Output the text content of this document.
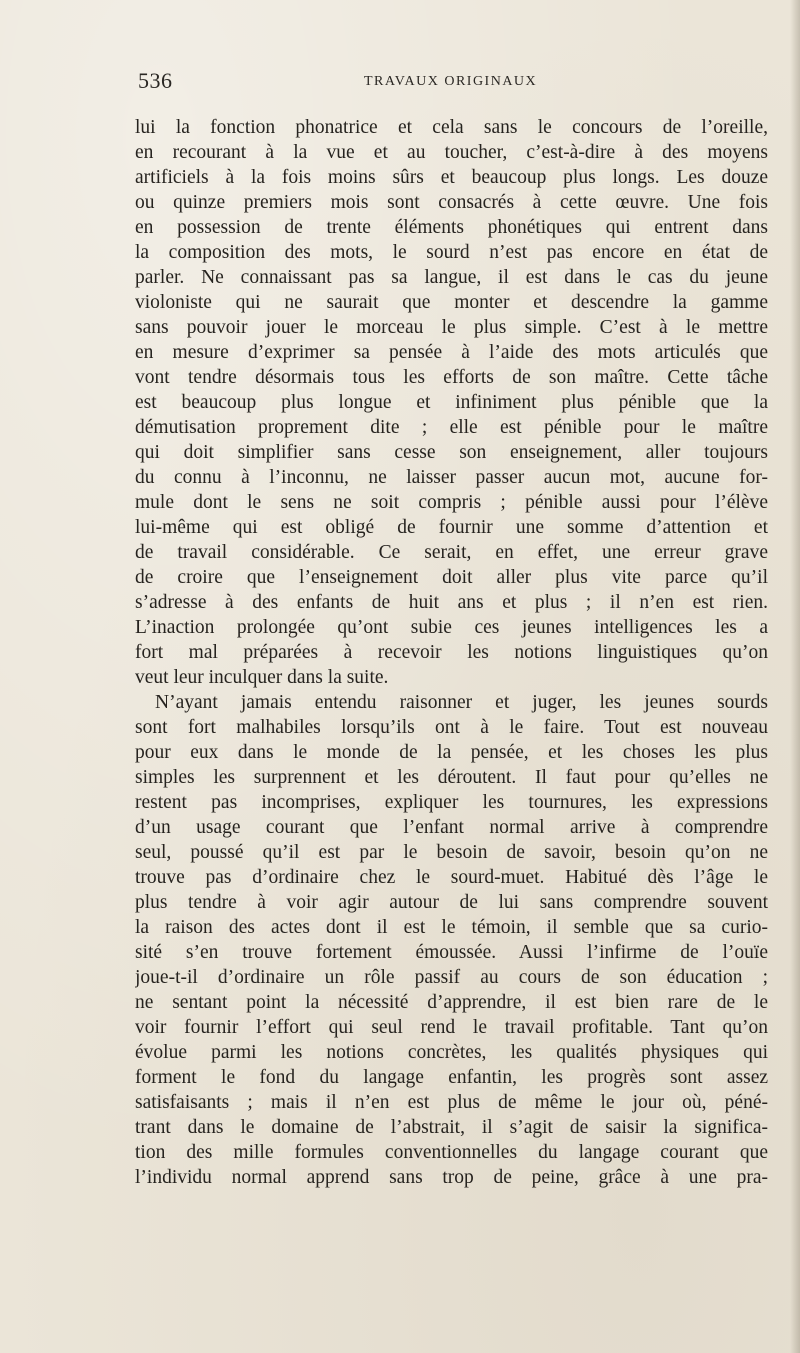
536	TRAVAUX ORIGINAUX
lui la fonction phonatrice et cela sans le concours de l’oreille,
en recourant à la vue et au toucher, c’est-à-dire à des moyens
artificiels à la fois moins sûrs et beaucoup plus longs. Les douze
ou quinze premiers mois sont consacrés à cette œuvre. Une fois
en possession de trente éléments phonétiques qui entrent dans
la composition des mots, le sourd n’est pas encore en état de
parler. Ne connaissant pas sa langue, il est dans le cas du jeune
violoniste qui ne saurait que monter et descendre la gamme
sans pouvoir jouer le morceau le plus simple. C’est à le mettre
en mesure d’exprimer sa pensée à l’aide des mots articulés que
vont tendre désormais tous les efforts de son maître. Cette tâche
est beaucoup plus longue et infiniment plus pénible que la
démutisation proprement dite ; elle est pénible pour le maître
qui doit simplifier sans cesse son enseignement, aller toujours
du connu à l’inconnu, ne laisser passer aucun mot, aucune for-
mule dont le sens ne soit compris ; pénible aussi pour l’élève
lui-même qui est obligé de fournir une somme d’attention et
de travail considérable. Ce serait, en effet, une erreur grave
de croire que l’enseignement doit aller plus vite parce qu’il
s’adresse à des enfants de huit ans et plus ; il n’en est rien.
L’inaction prolongée qu’ont subie ces jeunes intelligences les a
fort mal préparées à recevoir les notions linguistiques qu’on
veut leur inculquer dans la suite.
N’ayant jamais entendu raisonner et juger, les jeunes sourds
sont fort malhabiles lorsqu’ils ont à le faire. Tout est nouveau
pour eux dans le monde de la pensée, et les choses les plus
simples les surprennent et les déroutent. Il faut pour qu’elles ne
restent pas incomprises, expliquer les tournures, les expressions
d’un usage courant que l’enfant normal arrive à comprendre
seul, poussé qu’il est par le besoin de savoir, besoin qu’on ne
trouve pas d’ordinaire chez le sourd-muet. Habitué dès l’âge le
plus tendre à voir agir autour de lui sans comprendre souvent
la raison des actes dont il est le témoin, il semble que sa curio-
sité s’en trouve fortement émoussée. Aussi l’infirme de l’ouïe
joue-t-il d’ordinaire un rôle passif au cours de son éducation ;
ne sentant point la nécessité d’apprendre, il est bien rare de le
voir fournir l’effort qui seul rend le travail profitable. Tant qu’on
évolue parmi les notions concrètes, les qualités physiques qui
forment le fond du langage enfantin, les progrès sont assez
satisfaisants ; mais il n’en est plus de même le jour où, péné-
trant dans le domaine de l’abstrait, il s’agit de saisir la significa-
tion des mille formules conventionnelles du langage courant que
l’individu normal apprend sans trop de peine, grâce à une pra-
